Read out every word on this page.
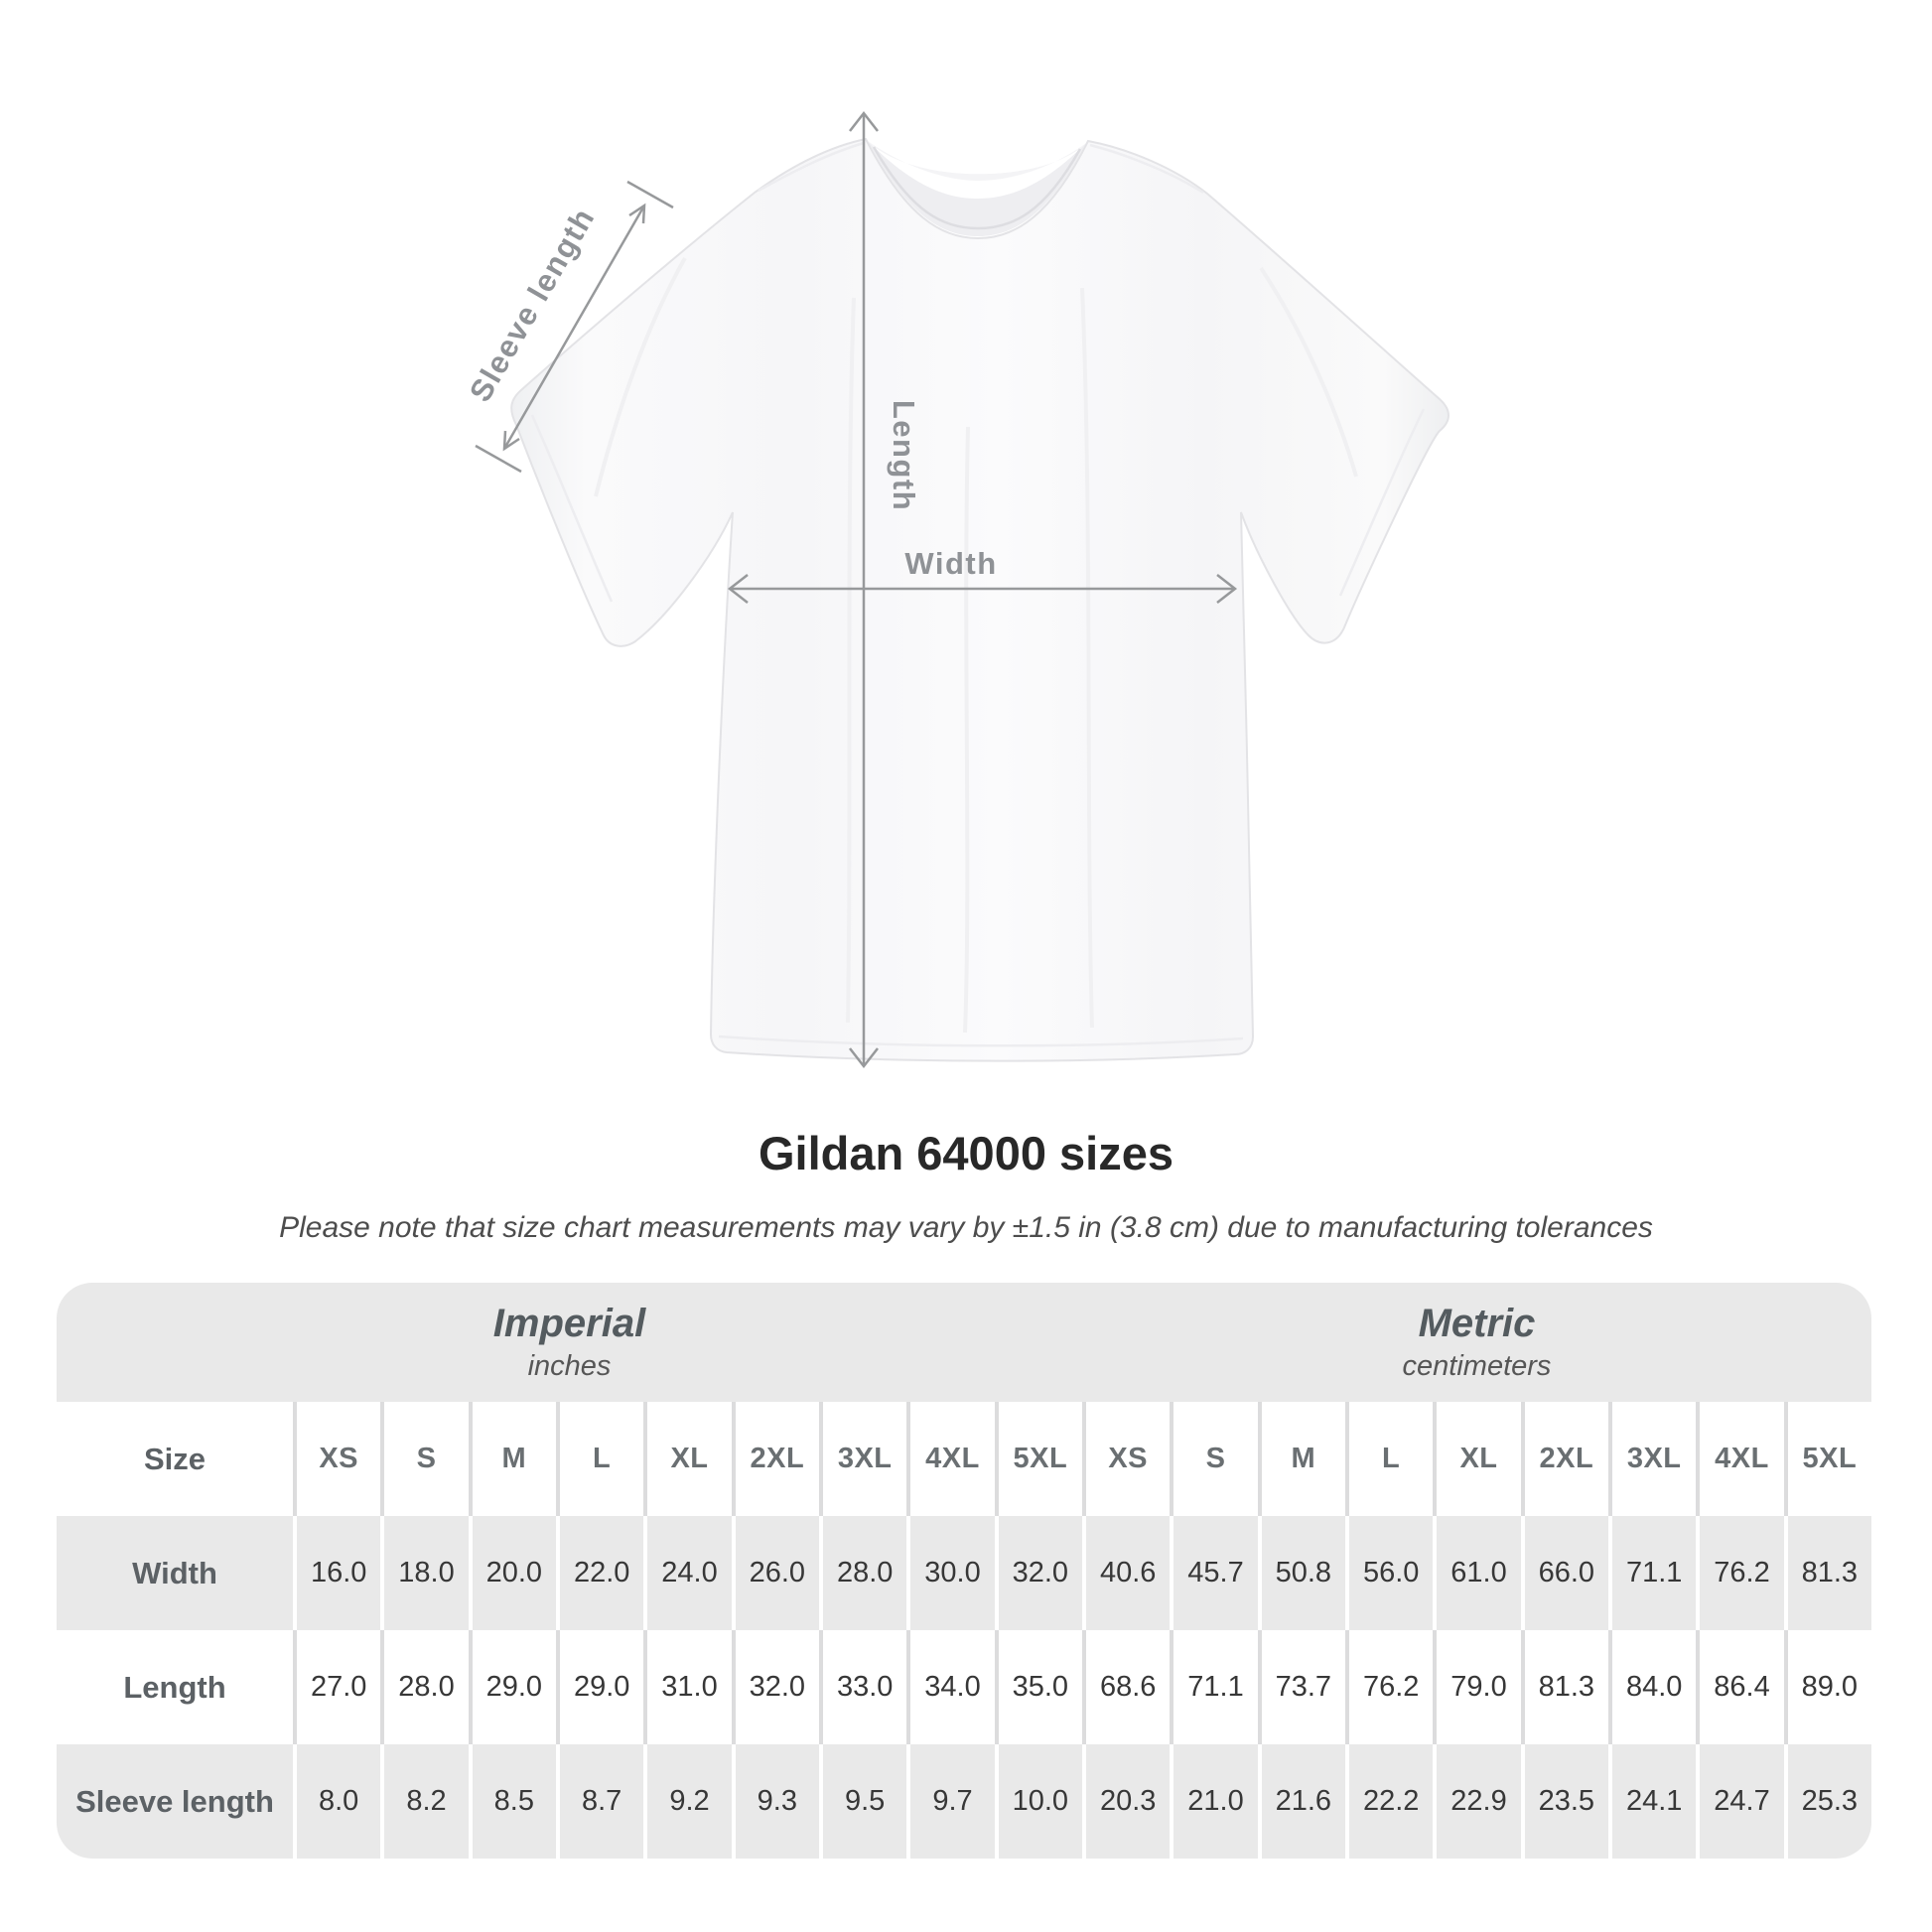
Width
Length
Sleeve length
Gildan 64000 sizes
Please note that size chart measurements may vary by ±1.5 in (3.8 cm) due to manufacturing tolerances
Imperial
inches
Metric
centimeters
Size	XS	S	M	L	XL	2XL	3XL	4XL	5XL	XS	S	M	L	XL	2XL	3XL	4XL	5XL
Width	16.0	18.0	20.0	22.0	24.0	26.0	28.0	30.0	32.0	40.6	45.7	50.8	56.0	61.0	66.0	71.1	76.2	81.3
Length	27.0	28.0	29.0	29.0	31.0	32.0	33.0	34.0	35.0	68.6	71.1	73.7	76.2	79.0	81.3	84.0	86.4	89.0
Sleeve length	8.0	8.2	8.5	8.7	9.2	9.3	9.5	9.7	10.0	20.3	21.0	21.6	22.2	22.9	23.5	24.1	24.7	25.3
